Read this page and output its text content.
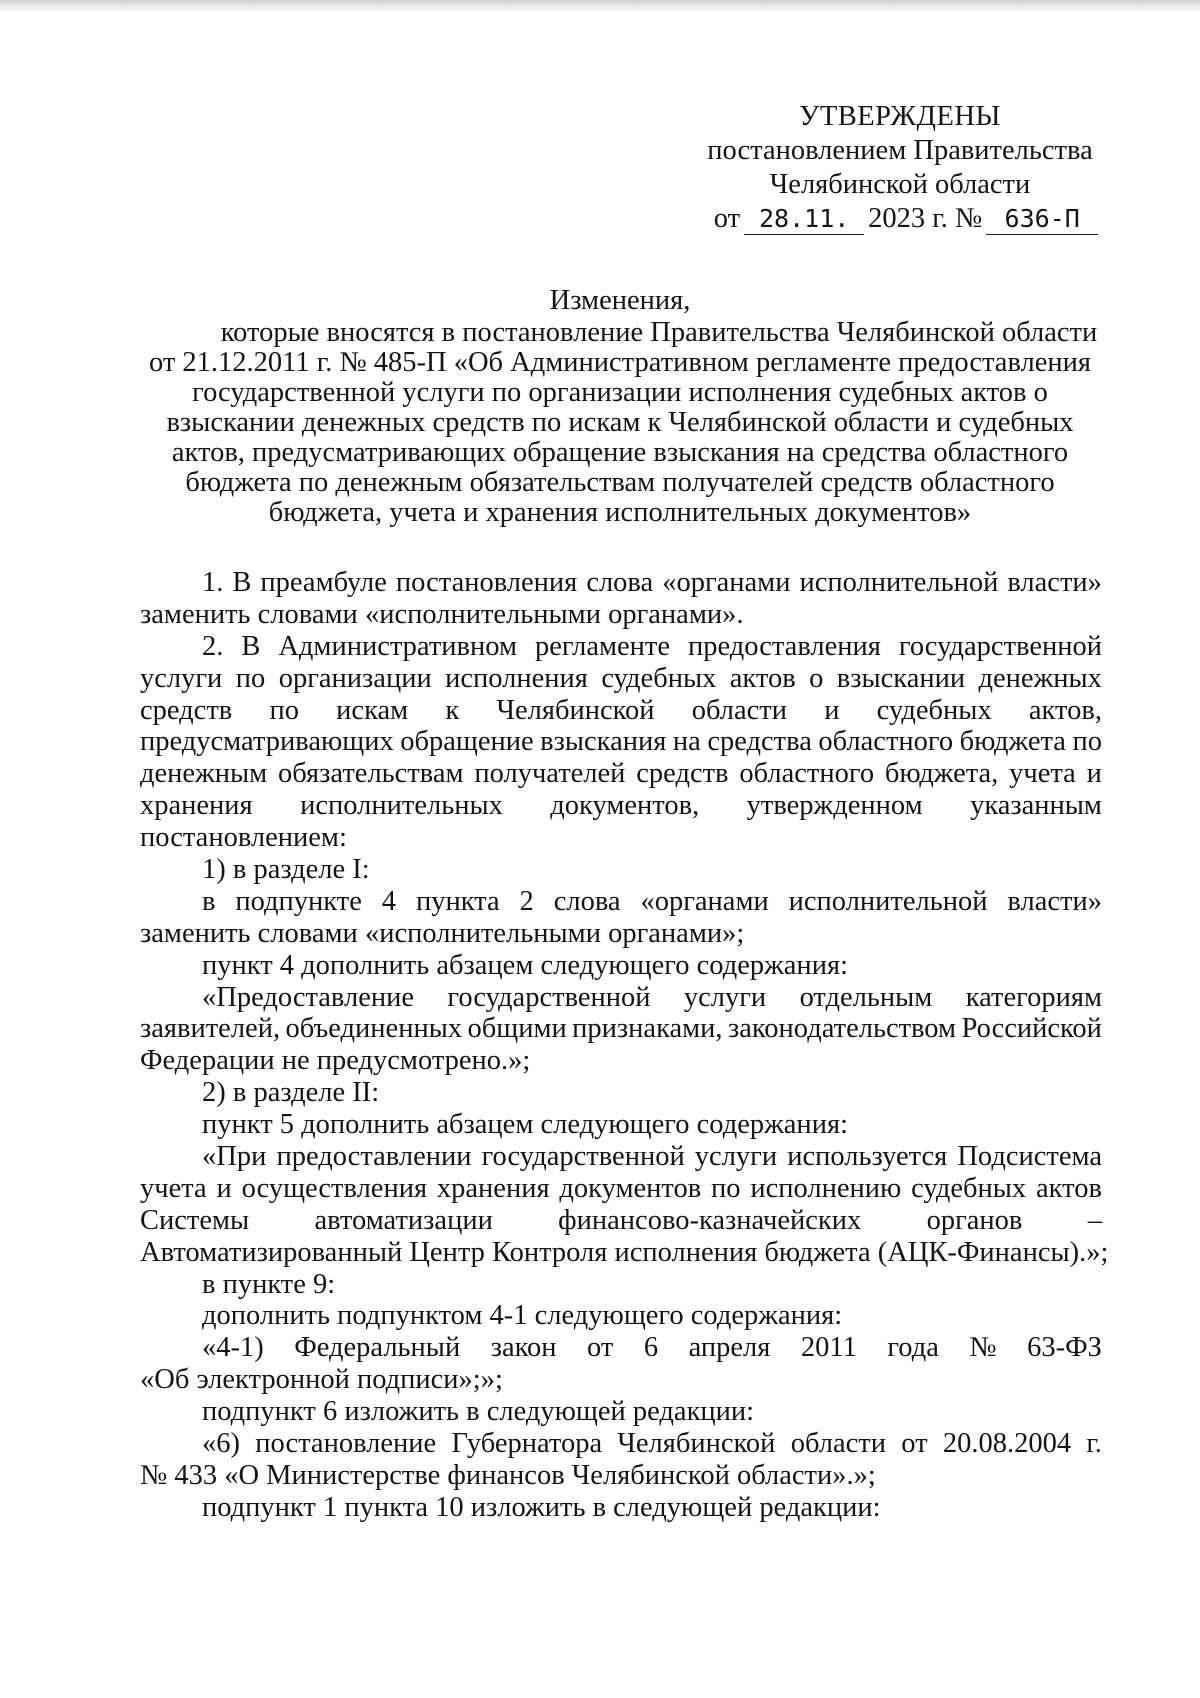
УТВЕРЖДЕНЫ
постановлением Правительства
Челябинской области
от 28.11. 2023 г. № 636-П
Изменения,
которые вносятся в постановление Правительства Челябинской области
от 21.12.2011 г. № 485-П «Об Административном регламенте предоставления
государственной услуги по организации исполнения судебных актов о
взыскании денежных средств по искам к Челябинской области и судебных
актов, предусматривающих обращение взыскания на средства областного
бюджета по денежным обязательствам получателей средств областного
бюджета, учета и хранения исполнительных документов»
1. В преамбуле постановления слова «органами исполнительной власти»
заменить словами «исполнительными органами».
2. В Административном регламенте предоставления государственной
услуги по организации исполнения судебных актов о взыскании денежных
средств по искам к Челябинской области и судебных актов,
предусматривающих обращение взыскания на средства областного бюджета по
денежным обязательствам получателей средств областного бюджета, учета и
хранения исполнительных документов, утвержденном указанным
постановлением:
1) в разделе I:
в подпункте 4 пункта 2 слова «органами исполнительной власти»
заменить словами «исполнительными органами»;
пункт 4 дополнить абзацем следующего содержания:
«Предоставление государственной услуги отдельным категориям
заявителей, объединенных общими признаками, законодательством Российской
Федерации не предусмотрено.»;
2) в разделе II:
пункт 5 дополнить абзацем следующего содержания:
«При предоставлении государственной услуги используется Подсистема
учета и осуществления хранения документов по исполнению судебных актов
Системы автоматизации финансово-казначейских органов –
Автоматизированный Центр Контроля исполнения бюджета (АЦК-Финансы).»;
в пункте 9:
дополнить подпунктом 4-1 следующего содержания:
«4-1) Федеральный закон от 6 апреля 2011 года № 63-ФЗ
«Об электронной подписи»;»;
подпункт 6 изложить в следующей редакции:
«6) постановление Губернатора Челябинской области от 20.08.2004 г.
№ 433 «О Министерстве финансов Челябинской области».»;
подпункт 1 пункта 10 изложить в следующей редакции:
